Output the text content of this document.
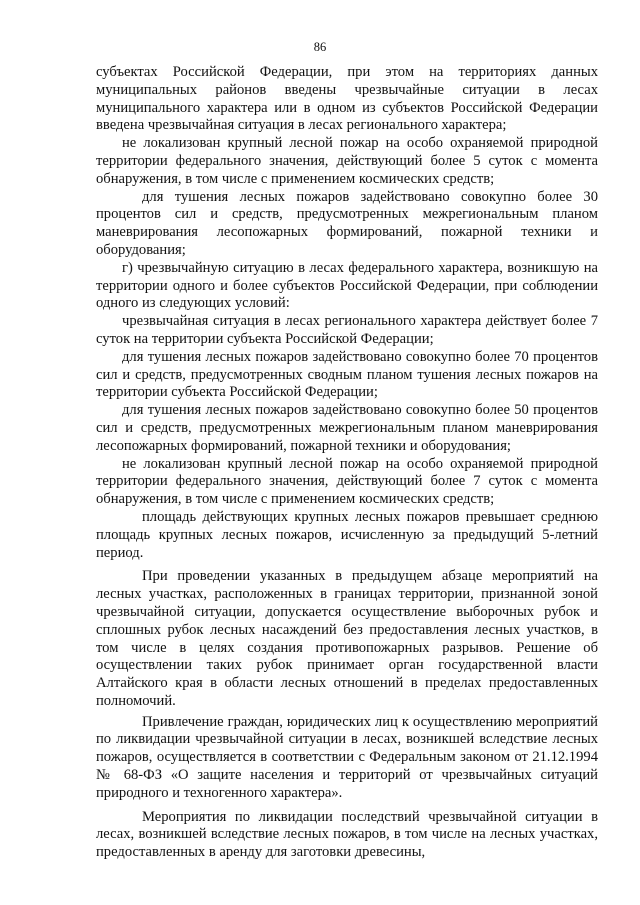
86

субъектах Российской Федерации, при этом на территориях данных муниципальных районов введены чрезвычайные ситуации в лесах муниципального характера или в одном из субъектов Российской Федерации введена чрезвычайная ситуация в лесах регионального характера;

не локализован крупный лесной пожар на особо охраняемой природной территории федерального значения, действующий более 5 суток с момента обнаружения, в том числе с применением космических средств;

для тушения лесных пожаров задействовано совокупно более 30 процентов сил и средств, предусмотренных межрегиональным планом маневрирования лесопожарных формирований, пожарной техники и оборудования;

г) чрезвычайную ситуацию в лесах федерального характера, возникшую на территории одного и более субъектов Российской Федерации, при соблюдении одного из следующих условий:

чрезвычайная ситуация в лесах регионального характера действует более 7 суток на территории субъекта Российской Федерации;

для тушения лесных пожаров задействовано совокупно более 70 процентов сил и средств, предусмотренных сводным планом тушения лесных пожаров на территории субъекта Российской Федерации;

для тушения лесных пожаров задействовано совокупно более 50 процентов сил и средств, предусмотренных межрегиональным планом маневрирования лесопожарных формирований, пожарной техники и оборудования;

не локализован крупный лесной пожар на особо охраняемой природной территории федерального значения, действующий более 7 суток с момента обнаружения, в том числе с применением космических средств;

площадь действующих крупных лесных пожаров превышает среднюю площадь крупных лесных пожаров, исчисленную за предыдущий 5-летний период.

При проведении указанных в предыдущем абзаце мероприятий на лесных участках, расположенных в границах территории, признанной зоной чрезвычайной ситуации, допускается осуществление выборочных рубок и сплошных рубок лесных насаждений без предоставления лесных участков, в том числе в целях создания противопожарных разрывов. Решение об осуществлении таких рубок принимает орган государственной власти Алтайского края в области лесных отношений в пределах предоставленных полномочий.

Привлечение граждан, юридических лиц к осуществлению мероприятий по ликвидации чрезвычайной ситуации в лесах, возникшей вследствие лесных пожаров, осуществляется в соответствии с Федеральным законом от 21.12.1994 № 68-ФЗ «О защите населения и территорий от чрезвычайных ситуаций природного и техногенного характера».

Мероприятия по ликвидации последствий чрезвычайной ситуации в лесах, возникшей вследствие лесных пожаров, в том числе на лесных участках, предоставленных в аренду для заготовки древесины,
